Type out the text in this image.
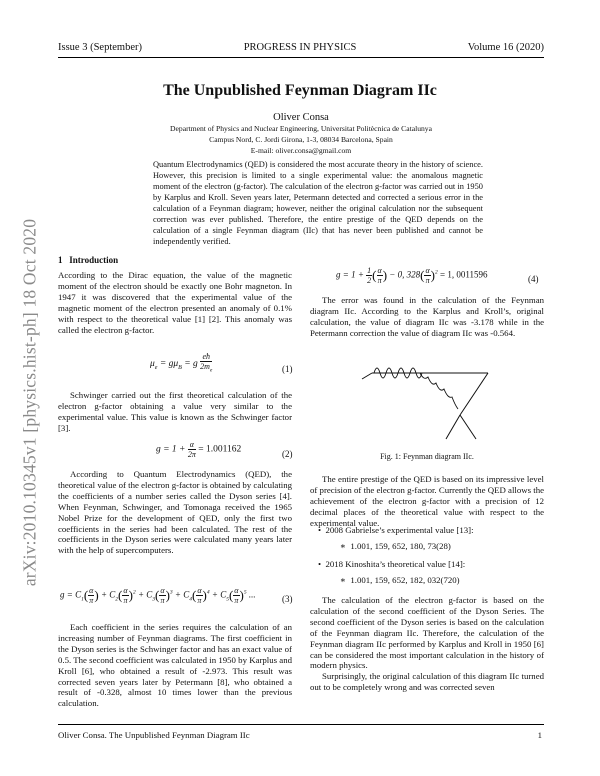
Issue 3 (September)	PROGRESS IN PHYSICS	Volume 16 (2020)
arXiv:2010.10345v1 [physics.hist-ph] 18 Oct 2020
The Unpublished Feynman Diagram IIc
Oliver Consa
Department of Physics and Nuclear Engineering, Universitat Politècnica de Catalunya
Campus Nord, C. Jordi Girona, 1-3, 08034 Barcelona, Spain
E-mail: oliver.consa@gmail.com
Quantum Electrodynamics (QED) is considered the most accurate theory in the history of science. However, this precision is limited to a single experimental value: the anomalous magnetic moment of the electron (g-factor). The calculation of the electron g-factor was carried out in 1950 by Karplus and Kroll. Seven years later, Petermann detected and corrected a serious error in the calculation of a Feynman diagram; however, neither the original calculation nor the subsequent correction was ever published. Therefore, the entire prestige of the QED depends on the calculation of a single Feynman diagram (IIc) that has never been published and cannot be independently verified.
1 Introduction

According to the Dirac equation, the value of the magnetic moment of the electron should be exactly one Bohr magneton. In 1947 it was discovered that the experimental value of the magnetic moment of the electron presented an anomaly of 0.1% with respect to the theoretical value [1] [2]. This anomaly was called the electron g-factor.

$\mu_e = g\mu_B = g \frac{eħ}{2m_e}$	(1)

Schwinger carried out the first theoretical calculation of the electron g-factor obtaining a value very similar to the experimental value. This value is known as the Schwinger factor [3].

$g = 1 + \frac{\alpha}{2\pi} = 1.001162$	(2)

According to Quantum Electrodynamics (QED), the theoretical value of the electron g-factor is obtained by calculating the coefficients of a number series called the Dyson series [4]. When Feynman, Schwinger, and Tomonaga received the 1965 Nobel Prize for the development of QED, only the first two coefficients in the series had been calculated. The rest of the coefficients in the Dyson series were calculated many years later with the help of supercomputers.

$g = C_1( \frac{\alpha}{\pi}$ ) + $C_2( \frac{\alpha}{\pi} )^2 + C_3( \frac{\alpha}{\pi} )^3 + C_4( \frac{\alpha}{\pi} )^4 + C_5( \frac{\alpha}{\pi} )^5$ ...	(3)

Each coefficient in the series requires the calculation of an increasing number of Feynman diagrams. The first coefficient in the Dyson series is the Schwinger factor and has an exact value of 0.5. The second coefficient was calculated in 1950 by Karplus and Kroll [6], who obtained a result of -2.973. This result was corrected seven years later by Petermann [8], who obtained a result of -0.328, almost 10 times lower than the previous calculation.

$g = 1 + \frac{1}{2}$ ( $\frac{\alpha}{\pi}$ ) − 0, $328( \frac{\alpha}{\pi} )^2 = 1$, 0011596	(4)

The error was found in the calculation of the Feynman diagram IIc. According to the Karplus and Kroll’s, original calculation, the value of diagram IIc was -3.178 while in the Petermann correction the value of diagram IIc was -0.564.

Fig. 1: Feynman diagram IIc.

The entire prestige of the QED is based on its impressive level of precision of the electron g-factor. Currently the QED allows the achievement of the electron g-factor with a precision of 12 decimal places of the theoretical value with respect to the experimental value.

•  2008 Gabrielse’s experimental value [13]:
∗  1.001, 159, 652, 180, 73(28)
•  2018 Kinoshita’s theoretical value [14]:
∗  1.001, 159, 652, 182, 032(720)

The calculation of the electron g-factor is based on the calculation of the second coefficient of the Dyson Series. The second coefficient of the Dyson series is based on the calculation of the Feynman diagram IIc. Therefore, the calculation of the Feynman diagram IIc performed by Karplus and Kroll in 1950 [6] can be considered the most important calculation in the history of modern physics.

Surprisingly, the original calculation of this diagram IIc turned out to be completely wrong and was corrected seven

Oliver Consa. The Unpublished Feynman Diagram IIc	1
